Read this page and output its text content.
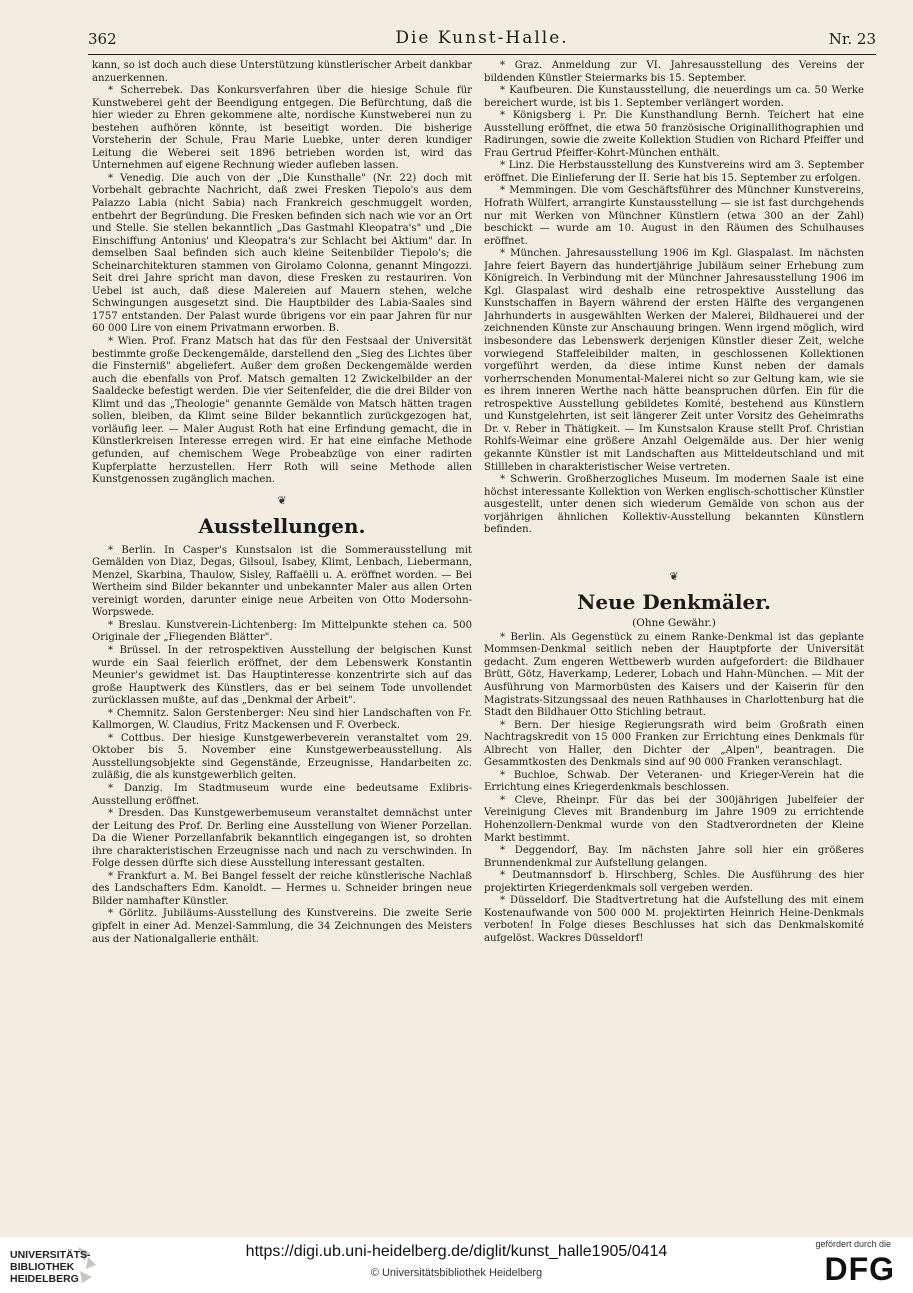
362	Die Kunst-Halle.	Nr. 23

kann, so ist doch auch diese Unterstützung künstlerischer Arbeit dankbar anzuerkennen.

* Scherrebek. Das Konkursverfahren über die hiesige Schule für Kunstweberei geht der Beendigung entgegen. Die Befürchtung, daß die hier wieder zu Ehren gekommene alte, nordische Kunstweberei nun zu bestehen aufhören könnte, ist beseitigt worden. Die bisherige Vorsteherin der Schule, Frau Marie Luebke, unter deren kundiger Leitung die Weberei seit 1896 betrieben worden ist, wird das Unternehmen auf eigene Rechnung wieder aufleben lassen.

* Venedig. Die auch von der „Die Kunsthalle" (Nr. 22) doch mit Vorbehalt gebrachte Nachricht, daß zwei Fresken Tiepolo's aus dem Palazzo Labia (nicht Sabia) nach Frankreich geschmuggelt worden, entbehrt der Begründung. Die Fresken befinden sich nach wie vor an Ort und Stelle. Sie stellen bekanntlich „Das Gastmahl Kleopatra's" und „Die Einschiffung Antonius' und Kleopatra's zur Schlacht bei Aktium" dar. In demselben Saal befinden sich auch kleine Seitenbilder Tiepolo's; die Scheinarchitekturen stammen von Girolamo Colonna, genannt Mingozzi. Seit drei Jahre spricht man davon, diese Fresken zu restauriren. Von Uebel ist auch, daß diese Malereien auf Mauern stehen, welche Schwingungen ausgesetzt sind. Die Hauptbilder des Labia-Saales sind 1757 entstanden. Der Palast wurde übrigens vor ein paar Jahren für nur 60 000 Lire von einem Privatmann erworben. B.

* Wien. Prof. Franz Matsch hat das für den Festsaal der Universität bestimmte große Deckengemälde, darstellend den „Sieg des Lichtes über die Finsterniß" abgeliefert. Außer dem großen Deckengemälde werden auch die ebenfalls von Prof. Matsch gemalten 12 Zwickelbilder an der Saaldecke befestigt werden. Die vier Seitenfelder, die die drei Bilder von Klimt und das „Theologie" genannte Gemälde von Matsch hätten tragen sollen, bleiben, da Klimt seine Bilder bekanntlich zurückgezogen hat, vorläufig leer. — Maler August Roth hat eine Erfindung gemacht, die in Künstlerkreisen Interesse erregen wird. Er hat eine einfache Methode gefunden, auf chemischem Wege Probeabzüge von einer radirten Kupferplatte herzustellen. Herr Roth will seine Methode allen Kunstgenossen zugänglich machen.

❦
Ausstellungen.

* Berlin. In Casper's Kunstsalon ist die Sommerausstellung mit Gemälden von Diaz, Degas, Gilsoul, Isabey, Klimt, Lenbach, Liebermann, Menzel, Skarbina, Thaulow, Sisley, Raffaëlli u. A. eröffnet worden. — Bei Wertheim sind Bilder bekannter und unbekannter Maler aus allen Orten vereinigt worden, darunter einige neue Arbeiten von Otto Modersohn-Worpswede.

* Breslau. Kunstverein-Lichtenberg: Im Mittelpunkte stehen ca. 500 Originale der „Fliegenden Blätter".

* Brüssel. In der retrospektiven Ausstellung der belgischen Kunst wurde ein Saal feierlich eröffnet, der dem Lebenswerk Konstantin Meunier's gewidmet ist. Das Hauptinteresse konzentrirte sich auf das große Hauptwerk des Künstlers, das er bei seinem Tode unvollendet zurücklassen mußte, auf das „Denkmal der Arbeit".

* Chemnitz. Salon Gerstenberger: Neu sind hier Landschaften von Fr. Kallmorgen, W. Claudius, Fritz Mackensen und F. Overbeck.

* Cottbus. Der hiesige Kunstgewerbeverein veranstaltet vom 29. Oktober bis 5. November eine Kunstgewerbeausstellung. Als Ausstellungsobjekte sind Gegenstände, Erzeugnisse, Handarbeiten zc. zuläßig, die als kunstgewerblich gelten.

* Danzig. Im Stadtmuseum wurde eine bedeutsame Exlibris-Ausstellung eröffnet.

* Dresden. Das Kunstgewerbemuseum veranstaltet demnächst unter der Leitung des Prof. Dr. Berling eine Ausstellung von Wiener Porzellan. Da die Wiener Porzellanfabrik bekanntlich eingegangen ist, so drohten ihre charakteristischen Erzeugnisse nach und nach zu verschwinden. In Folge dessen dürfte sich diese Ausstellung interessant gestalten.

* Frankfurt a. M. Bei Bangel fesselt der reiche künstlerische Nachlaß des Landschafters Edm. Kanoldt. — Hermes u. Schneider bringen neue Bilder namhafter Künstler.

* Görlitz. Jubiläums-Ausstellung des Kunstvereins. Die zweite Serie gipfelt in einer Ad. Menzel-Sammlung, die 34 Zeichnungen des Meisters aus der Nationalgallerie enthält.

* Graz. Anmeldung zur VI. Jahresausstellung des Vereins der bildenden Künstler Steiermarks bis 15. September.

* Kaufbeuren. Die Kunstausstellung, die neuerdings um ca. 50 Werke bereichert wurde, ist bis 1. September verlängert worden.

* Königsberg i. Pr. Die Kunsthandlung Bernh. Teichert hat eine Ausstellung eröffnet, die etwa 50 französische Originallithographien und Radirungen, sowie die zweite Kollektion Studien von Richard Pfeiffer und Frau Gertrud Pfeiffer-Kohrt-München enthält.

* Linz. Die Herbstausstellung des Kunstvereins wird am 3. September eröffnet. Die Einlieferung der II. Serie hat bis 15. September zu erfolgen.

* Memmingen. Die vom Geschäftsführer des Münchner Kunstvereins, Hofrath Wülfert, arrangirte Kunstausstellung — sie ist fast durchgehends nur mit Werken von Münchner Künstlern (etwa 300 an der Zahl) beschickt — wurde am 10. August in den Räumen des Schulhauses eröffnet.

* München. Jahresausstellung 1906 im Kgl. Glaspalast. Im nächsten Jahre feiert Bayern das hundertjährige Jubiläum seiner Erhebung zum Königreich. In Verbindung mit der Münchner Jahresausstellung 1906 im Kgl. Glaspalast wird deshalb eine retrospektive Ausstellung das Kunstschaffen in Bayern während der ersten Hälfte des vergangenen Jahrhunderts in ausgewählten Werken der Malerei, Bildhauerei und der zeichnenden Künste zur Anschauung bringen. Wenn irgend möglich, wird insbesondere das Lebenswerk derjenigen Künstler dieser Zeit, welche vorwiegend Staffeleibilder malten, in geschlossenen Kollektionen vorgeführt werden, da diese intime Kunst neben der damals vorherrschenden Monumental-Malerei nicht so zur Geltung kam, wie sie es ihrem inneren Werthe nach hätte beanspruchen dürfen. Ein für die retrospektive Ausstellung gebildetes Komité, bestehend aus Künstlern und Kunstgelehrten, ist seit längerer Zeit unter Vorsitz des Geheimraths Dr. v. Reber in Thätigkeit. — Im Kunstsalon Krause stellt Prof. Christian Rohlfs-Weimar eine größere Anzahl Oelgemälde aus. Der hier wenig gekannte Künstler ist mit Landschaften aus Mitteldeutschland und mit Stillleben in charakteristischer Weise vertreten.

* Schwerin. Großherzogliches Museum. Im modernen Saale ist eine höchst interessante Kollektion von Werken englisch-schottischer Künstler ausgestellt, unter denen sich wiederum Gemälde von schon aus der vorjährigen ähnlichen Kollektiv-Ausstellung bekannten Künstlern befinden.

❦
Neue Denkmäler.

(Ohne Gewähr.)

* Berlin. Als Gegenstück zu einem Ranke-Denkmal ist das geplante Mommsen-Denkmal seitlich neben der Hauptpforte der Universität gedacht. Zum engeren Wettbewerb wurden aufgefordert: die Bildhauer Brütt, Götz, Haverkamp, Lederer, Lobach und Hahn-München. — Mit der Ausführung von Marmorbüsten des Kaisers und der Kaiserin für den Magistrats-Sitzungssaal des neuen Rathhauses in Charlottenburg hat die Stadt den Bildhauer Otto Stichling betraut.

* Bern. Der hiesige Regierungsrath wird beim Großrath einen Nachtragskredit von 15 000 Franken zur Errichtung eines Denkmals für Albrecht von Haller, den Dichter der „Alpen", beantragen. Die Gesammtkosten des Denkmals sind auf 90 000 Franken veranschlagt.

* Buchloe, Schwab. Der Veteranen- und Krieger-Verein hat die Errichtung eines Kriegerdenkmals beschlossen.

* Cleve, Rheinpr. Für das bei der 300jährigen Jubelfeier der Vereinigung Cleves mit Brandenburg im Jahre 1909 zu errichtende Hohenzollern-Denkmal wurde von den Stadtverordneten der Kleine Markt bestimmt.

* Deggendorf, Bay. Im nächsten Jahre soll hier ein größeres Brunnendenkmal zur Aufstellung gelangen.

* Deutmannsdorf b. Hirschberg, Schles. Die Ausführung des hier projektirten Kriegerdenkmals soll vergeben werden.

* Düsseldorf. Die Stadtvertretung hat die Aufstellung des mit einem Kostenaufwande von 500 000 M. projektirten Heinrich Heine-Denkmals verboten! In Folge dieses Beschlusses hat sich das Denkmalskomité aufgelöst. Wackres Düsseldorf!

UNIVERSITÄTS-
BIBLIOTHEK
HEIDELBERG
https://digi.ub.uni-heidelberg.de/diglit/kunst_halle1905/0414
© Universitätsbibliothek Heidelberg
gefördert durch die
DFG
